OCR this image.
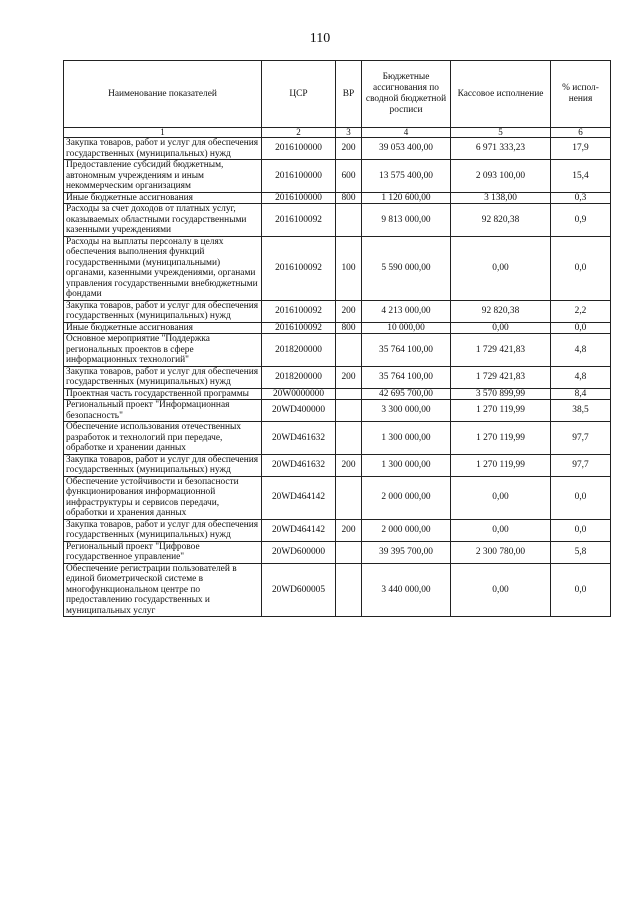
110
Наименование показателей	ЦСР	ВР	Бюджетные ассигнования по сводной бюджетной росписи	Кассовое исполнение	% испол-нения
1	2	3	4	5	6
Закупка товаров, работ и услуг для обеспечения государственных (муниципальных) нужд	2016100000	200	39 053 400,00	6 971 333,23	17,9
Предоставление субсидий бюджетным, автономным учреждениям и иным некоммерческим организациям	2016100000	600	13 575 400,00	2 093 100,00	15,4
Иные бюджетные ассигнования	2016100000	800	1 120 600,00	3 138,00	0,3
Расходы за счет доходов от платных услуг, оказываемых областными государственными казенными учреждениями	2016100092		9 813 000,00	92 820,38	0,9
Расходы на выплаты персоналу в целях обеспечения выполнения функций государственными (муниципальными) органами, казенными учреждениями, органами управления государственными внебюджетными фондами	2016100092	100	5 590 000,00	0,00	0,0
Закупка товаров, работ и услуг для обеспечения государственных (муниципальных) нужд	2016100092	200	4 213 000,00	92 820,38	2,2
Иные бюджетные ассигнования	2016100092	800	10 000,00	0,00	0,0
Основное мероприятие "Поддержка региональных проектов в сфере информационных технологий"	2018200000		35 764 100,00	1 729 421,83	4,8
Закупка товаров, работ и услуг для обеспечения государственных (муниципальных) нужд	2018200000	200	35 764 100,00	1 729 421,83	4,8
Проектная часть государственной программы	20W0000000		42 695 700,00	3 570 899,99	8,4
Региональный проект "Информационная безопасность"	20WD400000		3 300 000,00	1 270 119,99	38,5
Обеспечение использования отечественных разработок и технологий при передаче, обработке и хранении данных	20WD461632		1 300 000,00	1 270 119,99	97,7
Закупка товаров, работ и услуг для обеспечения государственных (муниципальных) нужд	20WD461632	200	1 300 000,00	1 270 119,99	97,7
Обеспечение устойчивости и безопасности функционирования информационной инфраструктуры и сервисов передачи, обработки и хранения данных	20WD464142		2 000 000,00	0,00	0,0
Закупка товаров, работ и услуг для обеспечения государственных (муниципальных) нужд	20WD464142	200	2 000 000,00	0,00	0,0
Региональный проект "Цифровое государственное управление"	20WD600000		39 395 700,00	2 300 780,00	5,8
Обеспечение регистрации пользователей в единой биометрической системе в многофункциональном центре по предоставлению государственных и муниципальных услуг	20WD600005		3 440 000,00	0,00	0,0
